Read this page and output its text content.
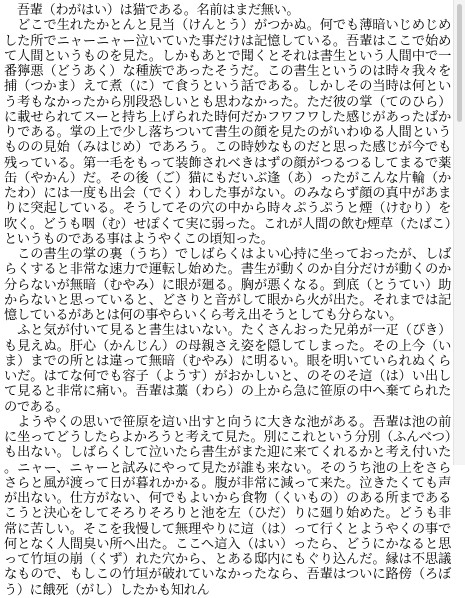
　吾輩（わがはい）は猫である。名前はまだ無い。

　どこで生れたかとんと見当（けんとう）がつかぬ。何でも薄暗いじめじめした所でニャーニャー泣いていた事だけは記憶している。吾輩はここで始めて人間というものを見た。しかもあとで聞くとそれは書生という人間中で一番獰悪（どうあく）な種族であったそうだ。この書生というのは時々我々を捕（つかま）えて煮（に）て食うという話である。しかしその当時は何という考もなかったから別段恐しいとも思わなかった。ただ彼の掌（てのひら）に載せられてスーと持ち上げられた時何だかフワフワした感じがあったばかりである。掌の上で少し落ちついて書生の顔を見たのがいわゆる人間というものの見始（みはじめ）であろう。この時妙なものだと思った感じが今でも残っている。第一毛をもって装飾されべきはずの顔がつるつるしてまるで薬缶（やかん）だ。その後（ご）猫にもだいぶ逢（あ）ったがこんな片輪（かたわ）には一度も出会（でく）わした事がない。のみならず顔の真中があまりに突起している。そうしてその穴の中から時々ぷうぷうと煙（けむり）を吹く。どうも咽（む）せぽくて実に弱った。これが人間の飲む煙草（たばこ）というものである事はようやくこの頃知った。

　この書生の掌の裏（うち）でしばらくはよい心持に坐っておったが、しばらくすると非常な速力で運転し始めた。書生が動くのか自分だけが動くのか分らないが無暗（むやみ）に眼が廻る。胸が悪くなる。到底（とうてい）助からないと思っていると、どさりと音がして眼から火が出た。それまでは記憶しているがあとは何の事やらいくら考え出そうとしても分らない。

　ふと気が付いて見ると書生はいない。たくさんおった兄弟が一疋（ぴき）も見えぬ。肝心（かんじん）の母親さえ姿を隠してしまった。その上今（いま）までの所とは違って無暗（むやみ）に明るい。眼を明いていられぬくらいだ。はてな何でも容子（ようす）がおかしいと、のそのそ這（は）い出して見ると非常に痛い。吾輩は藁（わら）の上から急に笹原の中へ棄てられたのである。

　ようやくの思いで笹原を這い出すと向うに大きな池がある。吾輩は池の前に坐ってどうしたらよかろうと考えて見た。別にこれという分別（ふんべつ）も出ない。しばらくして泣いたら書生がまた迎に来てくれるかと考え付いた。ニャー、ニャーと試みにやって見たが誰も来ない。そのうち池の上をさらさらと風が渡って日が暮れかかる。腹が非常に減って来た。泣きたくても声が出ない。仕方がない、何でもよいから食物（くいもの）のある所まであるこうと決心をしてそろりそろりと池を左（ひだ）りに廻り始めた。どうも非常に苦しい。そこを我慢して無理やりに這（は）って行くとようやくの事で何となく人間臭い所へ出た。ここへ這入（はい）ったら、どうにかなると思って竹垣の崩（くず）れた穴から、とある邸内にもぐり込んだ。縁は不思議なもので、もしこの竹垣が破れていなかったなら、吾輩はついに路傍（ろぼう）に餓死（がし）したかも知れん
